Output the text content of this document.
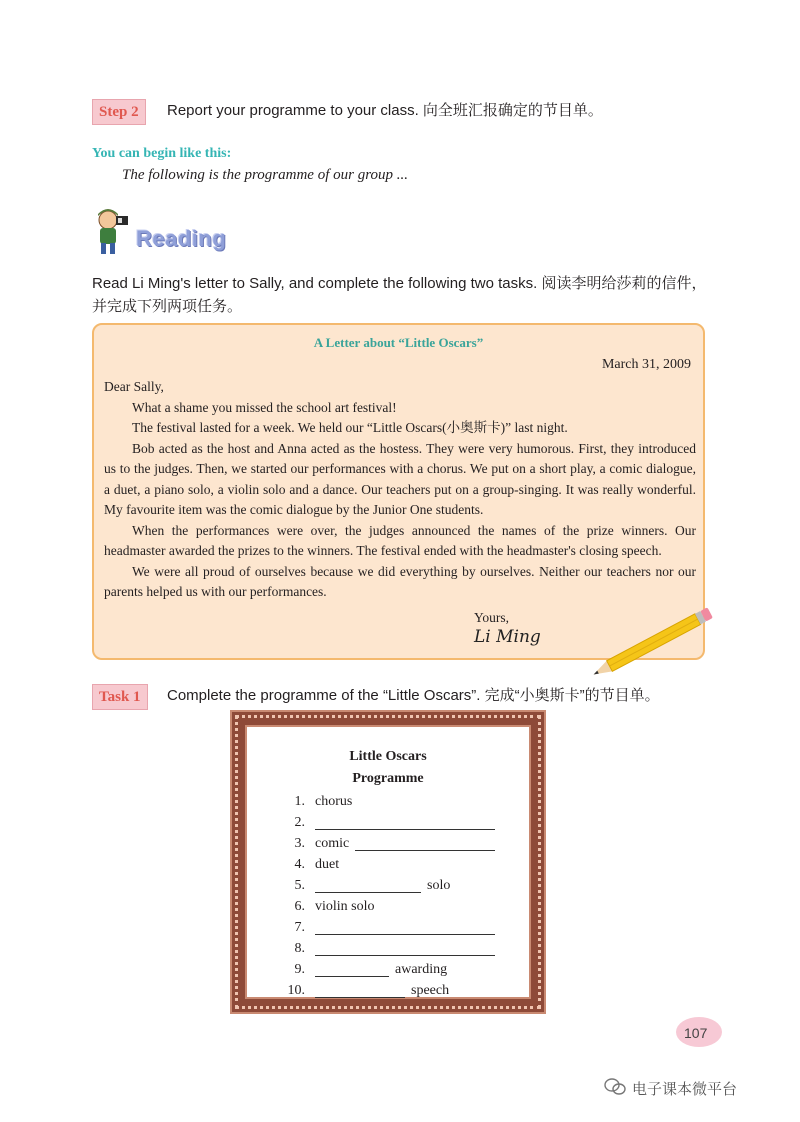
Step 2	Report your programme to your class. 向全班汇报确定的节目单。
You can begin like this:
The following is the programme of our group ...
Reading
Read Li Ming's letter to Sally, and complete the following two tasks. 阅读李明给莎莉的信件，
并完成下列两项任务。
A Letter about “Little Oscars”
March 31, 2009

Dear Sally,

What a shame you missed the school art festival!

The festival lasted for a week. We held our “Little Oscars(小奥斯卡)” last night.

Bob acted as the host and Anna acted as the hostess. They were very humorous. First, they introduced us to the judges. Then, we started our performances with a chorus. We put on a short play, a comic dialogue, a duet, a piano solo, a violin solo and a dance. Our teachers put on a group-singing. It was really wonderful. My favourite item was the comic dialogue by the Junior One students.

When the performances were over, the judges announced the names of the prize winners. Our headmaster awarded the prizes to the winners. The festival ended with the headmaster's closing speech.

We were all proud of ourselves because we did everything by ourselves. Neither our teachers nor our parents helped us with our performances.

Yours,
Li Ming
Task 1	Complete the programme of the “Little Oscars”. 完成“小奥斯卡”的节目单。
Little Oscars
Programme
1. chorus
2.
3. comic
4. duet
5.	solo
6. violin solo
7.
8.
9.	awarding
10.	speech
107
电子课本微平台
